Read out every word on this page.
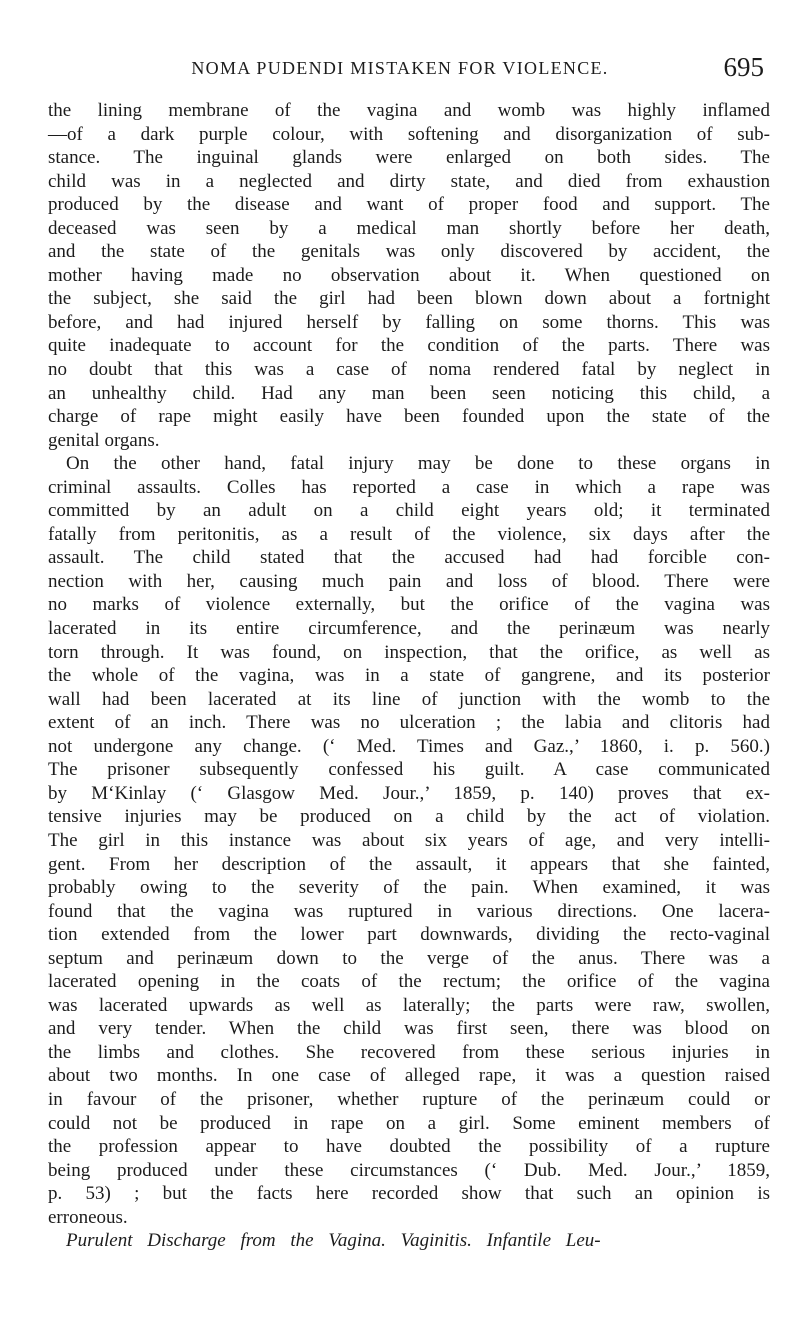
NOMA PUDENDI MISTAKEN FOR VIOLENCE.	695
the lining membrane of the vagina and womb was highly inflamed
—of a dark purple colour, with softening and disorganization of sub-
stance. The inguinal glands were enlarged on both sides. The
child was in a neglected and dirty state, and died from exhaustion
produced by the disease and want of proper food and support. The
deceased was seen by a medical man shortly before her death,
and the state of the genitals was only discovered by accident, the
mother having made no observation about it. When questioned on
the subject, she said the girl had been blown down about a fortnight
before, and had injured herself by falling on some thorns. This was
quite inadequate to account for the condition of the parts. There was
no doubt that this was a case of noma rendered fatal by neglect in
an unhealthy child. Had any man been seen noticing this child, a
charge of rape might easily have been founded upon the state of the
genital organs.
On the other hand, fatal injury may be done to these organs in
criminal assaults. Colles has reported a case in which a rape was
committed by an adult on a child eight years old; it terminated
fatally from peritonitis, as a result of the violence, six days after the
assault. The child stated that the accused had had forcible con-
nection with her, causing much pain and loss of blood. There were
no marks of violence externally, but the orifice of the vagina was
lacerated in its entire circumference, and the perinæum was nearly
torn through. It was found, on inspection, that the orifice, as well as
the whole of the vagina, was in a state of gangrene, and its posterior
wall had been lacerated at its line of junction with the womb to the
extent of an inch. There was no ulceration ; the labia and clitoris had
not undergone any change. (‘ Med. Times and Gaz.,’ 1860, i. p. 560.)
The prisoner subsequently confessed his guilt. A case communicated
by M‘Kinlay (‘ Glasgow Med. Jour.,’ 1859, p. 140) proves that ex-
tensive injuries may be produced on a child by the act of violation.
The girl in this instance was about six years of age, and very intelli-
gent. From her description of the assault, it appears that she fainted,
probably owing to the severity of the pain. When examined, it was
found that the vagina was ruptured in various directions. One lacera-
tion extended from the lower part downwards, dividing the recto-vaginal
septum and perinæum down to the verge of the anus. There was a
lacerated opening in the coats of the rectum; the orifice of the vagina
was lacerated upwards as well as laterally; the parts were raw, swollen,
and very tender. When the child was first seen, there was blood on
the limbs and clothes. She recovered from these serious injuries in
about two months. In one case of alleged rape, it was a question raised
in favour of the prisoner, whether rupture of the perinæum could or
could not be produced in rape on a girl. Some eminent members of
the profession appear to have doubted the possibility of a rupture
being produced under these circumstances (‘ Dub. Med. Jour.,’ 1859,
p. 53) ; but the facts here recorded show that such an opinion is
erroneous.
Purulent Discharge from the Vagina. Vaginitis. Infantile Leu-
